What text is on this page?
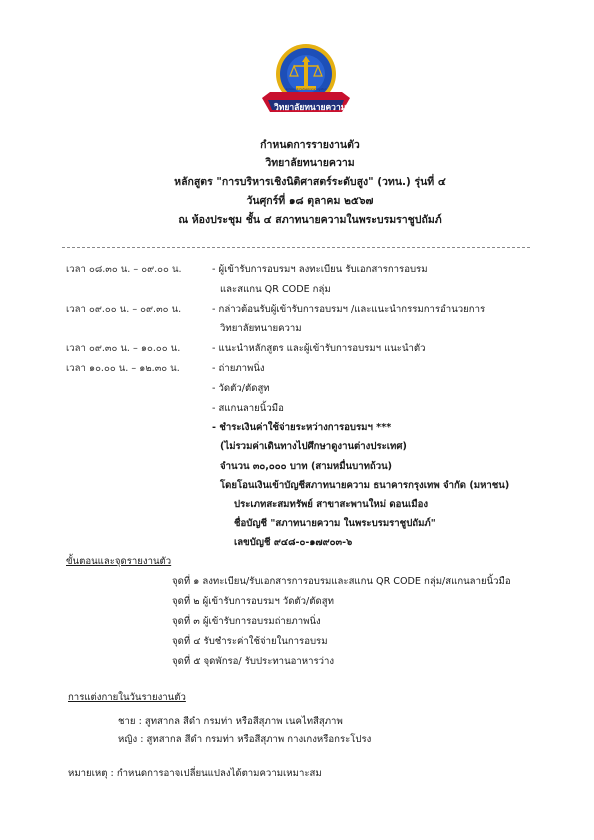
วิทยาลัยทนายความ
สภาทนายความในพระบรมราชูปถัมภ์
กำหนดการรายงานตัว
วิทยาลัยทนายความ
หลักสูตร "การบริหารเชิงนิติศาสตร์ระดับสูง" (วทน.) รุ่นที่ ๔
วันศุกร์ที่ ๑๘ ตุลาคม ๒๕๖๗
ณ ห้องประชุม ชั้น ๔ สภาทนายความในพระบรมราชูปถัมภ์
เวลา ๐๘.๓๐ น. – ๐๙.๐๐ น.	- ผู้เข้ารับการอบรมฯ ลงทะเบียน รับเอกสารการอบรม
และสแกน QR CODE กลุ่ม
เวลา ๐๙.๐๐ น. – ๐๙.๓๐ น.	- กล่าวต้อนรับผู้เข้ารับการอบรมฯ /และแนะนำกรรมการอำนวยการ
วิทยาลัยทนายความ
เวลา ๐๙.๓๐ น. – ๑๐.๐๐ น.	- แนะนำหลักสูตร และผู้เข้ารับการอบรมฯ แนะนำตัว
เวลา ๑๐.๐๐ น. – ๑๒.๓๐ น.	- ถ่ายภาพนิ่ง
- วัดตัว/ตัดสูท
- สแกนลายนิ้วมือ
- ชำระเงินค่าใช้จ่ายระหว่างการอบรมฯ ***
(ไม่รวมค่าเดินทางไปศึกษาดูงานต่างประเทศ)
จำนวน ๓๐,๐๐๐ บาท (สามหมื่นบาทถ้วน)
โดยโอนเงินเข้าบัญชีสภาทนายความ ธนาคารกรุงเทพ จำกัด (มหาชน)
ประเภทสะสมทรัพย์ สาขาสะพานใหม่ ดอนเมือง
ชื่อบัญชี "สภาทนายความ ในพระบรมราชูปถัมภ์"
เลขบัญชี ๙๔๘-๐-๑๗๙๐๓-๖
ขั้นตอนและจุดรายงานตัว
จุดที่ ๑ ลงทะเบียน/รับเอกสารการอบรมและสแกน QR CODE กลุ่ม/สแกนลายนิ้วมือ
จุดที่ ๒ ผู้เข้ารับการอบรมฯ วัดตัว/ตัดสูท
จุดที่ ๓ ผู้เข้ารับการอบรมถ่ายภาพนิ่ง
จุดที่ ๔ รับชำระค่าใช้จ่ายในการอบรม
จุดที่ ๕ จุดพักรอ/ รับประทานอาหารว่าง
การแต่งกายในวันรายงานตัว
ชาย : สูทสากล สีดำ กรมท่า หรือสีสุภาพ เนคไทสีสุภาพ
หญิง : สูทสากล สีดำ กรมท่า หรือสีสุภาพ กางเกงหรือกระโปรง
หมายเหตุ : กำหนดการอาจเปลี่ยนแปลงได้ตามความเหมาะสม
